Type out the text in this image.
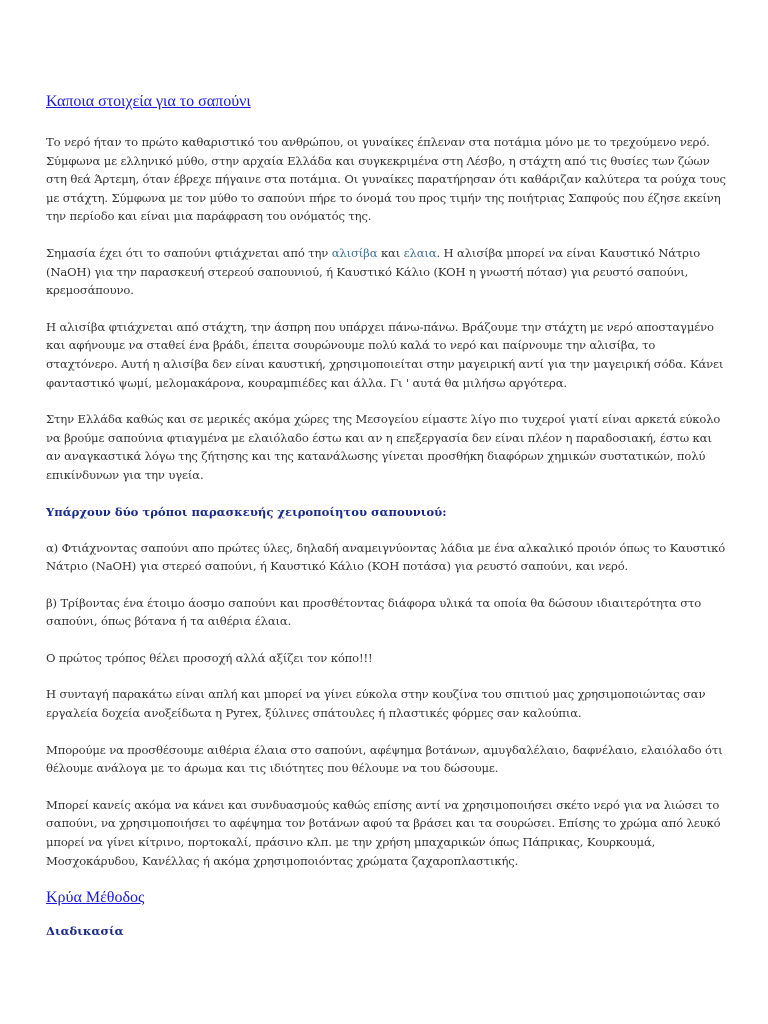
Καποια στοιχεία για το σαπούνι

Το νερό ήταν το πρώτο καθαριστικό του ανθρώπου, οι γυναίκες έπλεναν στα ποτάμια μόνο με το τρεχούμενο νερό. Σύμφωνα με ελληνικό μύθο, στην αρχαία Ελλάδα και συγκεκριμένα στη Λέσβο, η στάχτη από τις θυσίες των ζώων στη θεά Άρτεμη, όταν έβρεχε πήγαινε στα ποτάμια. Οι γυναίκες παρατήρησαν ότι καθάριζαν καλύτερα τα ρούχα τους με στάχτη. Σύμφωνα με τον μύθο το σαπούνι πήρε το όνομά του προς τιμήν της ποιήτριας Σαπφούς που έζησε εκείνη την περίοδο και είναι μια παράφραση του ονόματός της.

Σημασία έχει ότι το σαπούνι φτιάχνεται από την αλισίβα και ελαια. Η αλισίβα μπορεί να είναι Καυστικό Νάτριο (NaOH) για την παρασκευή στερεού σαπουνιού, ή Καυστικό Κάλιο (KOH η γνωστή πότασ) για ρευστό σαπούνι, κρεμοσάπουνο.

Η αλισίβα φτιάχνεται από στάχτη, την άσπρη που υπάρχει πάνω-πάνω. Βράζουμε την στάχτη με νερό αποσταγμένο και αφήνουμε να σταθεί ένα βράδι, έπειτα σουρώνουμε πολύ καλά το νερό και παίρνουμε την αλισίβα, το σταχτόνερο. Αυτή η αλισίβα δεν είναι καυστική, χρησιμοποιείται στην μαγειρική αντί για την μαγειρική σόδα. Κάνει φανταστικό ψωμί, μελομακάρονα, κουραμπιέδες και άλλα. Γι ' αυτά θα μιλήσω αργότερα.

Στην Ελλάδα καθώς και σε μερικές ακόμα χώρες της Μεσογείου είμαστε λίγο πιο τυχεροί γιατί είναι αρκετά εύκολο να βρούμε σαπούνια φτιαγμένα με ελαιόλαδο έστω και αν η επεξεργασία δεν είναι πλέον η παραδοσιακή, έστω και αν αναγκαστικά λόγω της ζήτησης και της κατανάλωσης γίνεται προσθήκη διαφόρων χημικών συστατικών, πολύ επικίνδυνων για την υγεία.

Υπάρχουν δύο τρόποι παρασκευής χειροποίητου σαπουνιού:

α) Φτιάχνοντας σαπούνι απο πρώτες ύλες, δηλαδή αναμειγνύοντας λάδια με ένα αλκαλικό προιόν όπως το Καυστικό Νάτριο (NaOH) για στερεό σαπούνι, ή Καυστικό Κάλιο (KOH ποτάσα) για ρευστό σαπούνι, και νερό.

β) Τρίβοντας ένα έτοιμο άοσμο σαπούνι και προσθέτοντας διάφορα υλικά τα οποία θα δώσουν ιδιαιτερότητα στο σαπούνι, όπως βότανα ή τα αιθέρια έλαια.

Ο πρώτος τρόπος θέλει προσοχή αλλά αξίζει τον κόπο!!!

Η συνταγή παρακάτω είναι απλή και μπορεί να γίνει εύκολα στην κουζίνα του σπιτιού μας χρησιμοποιώντας σαν εργαλεία δοχεία ανοξείδωτα η Pyrex, ξύλινες σπάτουλες ή πλαστικές φόρμες σαν καλούπια.

Μπορούμε να προσθέσουμε αιθέρια έλαια στο σαπούνι, αφέψημα βοτάνων, αμυγδαλέλαιο, δαφνέλαιο, ελαιόλαδο ότι θέλουμε ανάλογα με το άρωμα και τις ιδιότητες που θέλουμε να του δώσουμε.

Μπορεί κανείς ακόμα να κάνει και συνδυασμούς καθώς επίσης αντί να χρησιμοποιήσει σκέτο νερό για να λιώσει το σαπούνι, να χρησιμοποιήσει το αφέψημα τον βοτάνων αφού τα βράσει και τα σουρώσει. Επίσης το χρώμα από λευκό μπορεί να γίνει κίτρινο, πορτοκαλί, πράσινο κλπ. με την χρήση μπαχαρικών όπως Πάπρικας, Κουρκουμά, Μοσχοκάρυδου, Κανέλλας ή ακόμα χρησιμοποιόντας χρώματα ζαχαροπλαστικής.

Κρύα Μέθοδος
Διαδικασία
